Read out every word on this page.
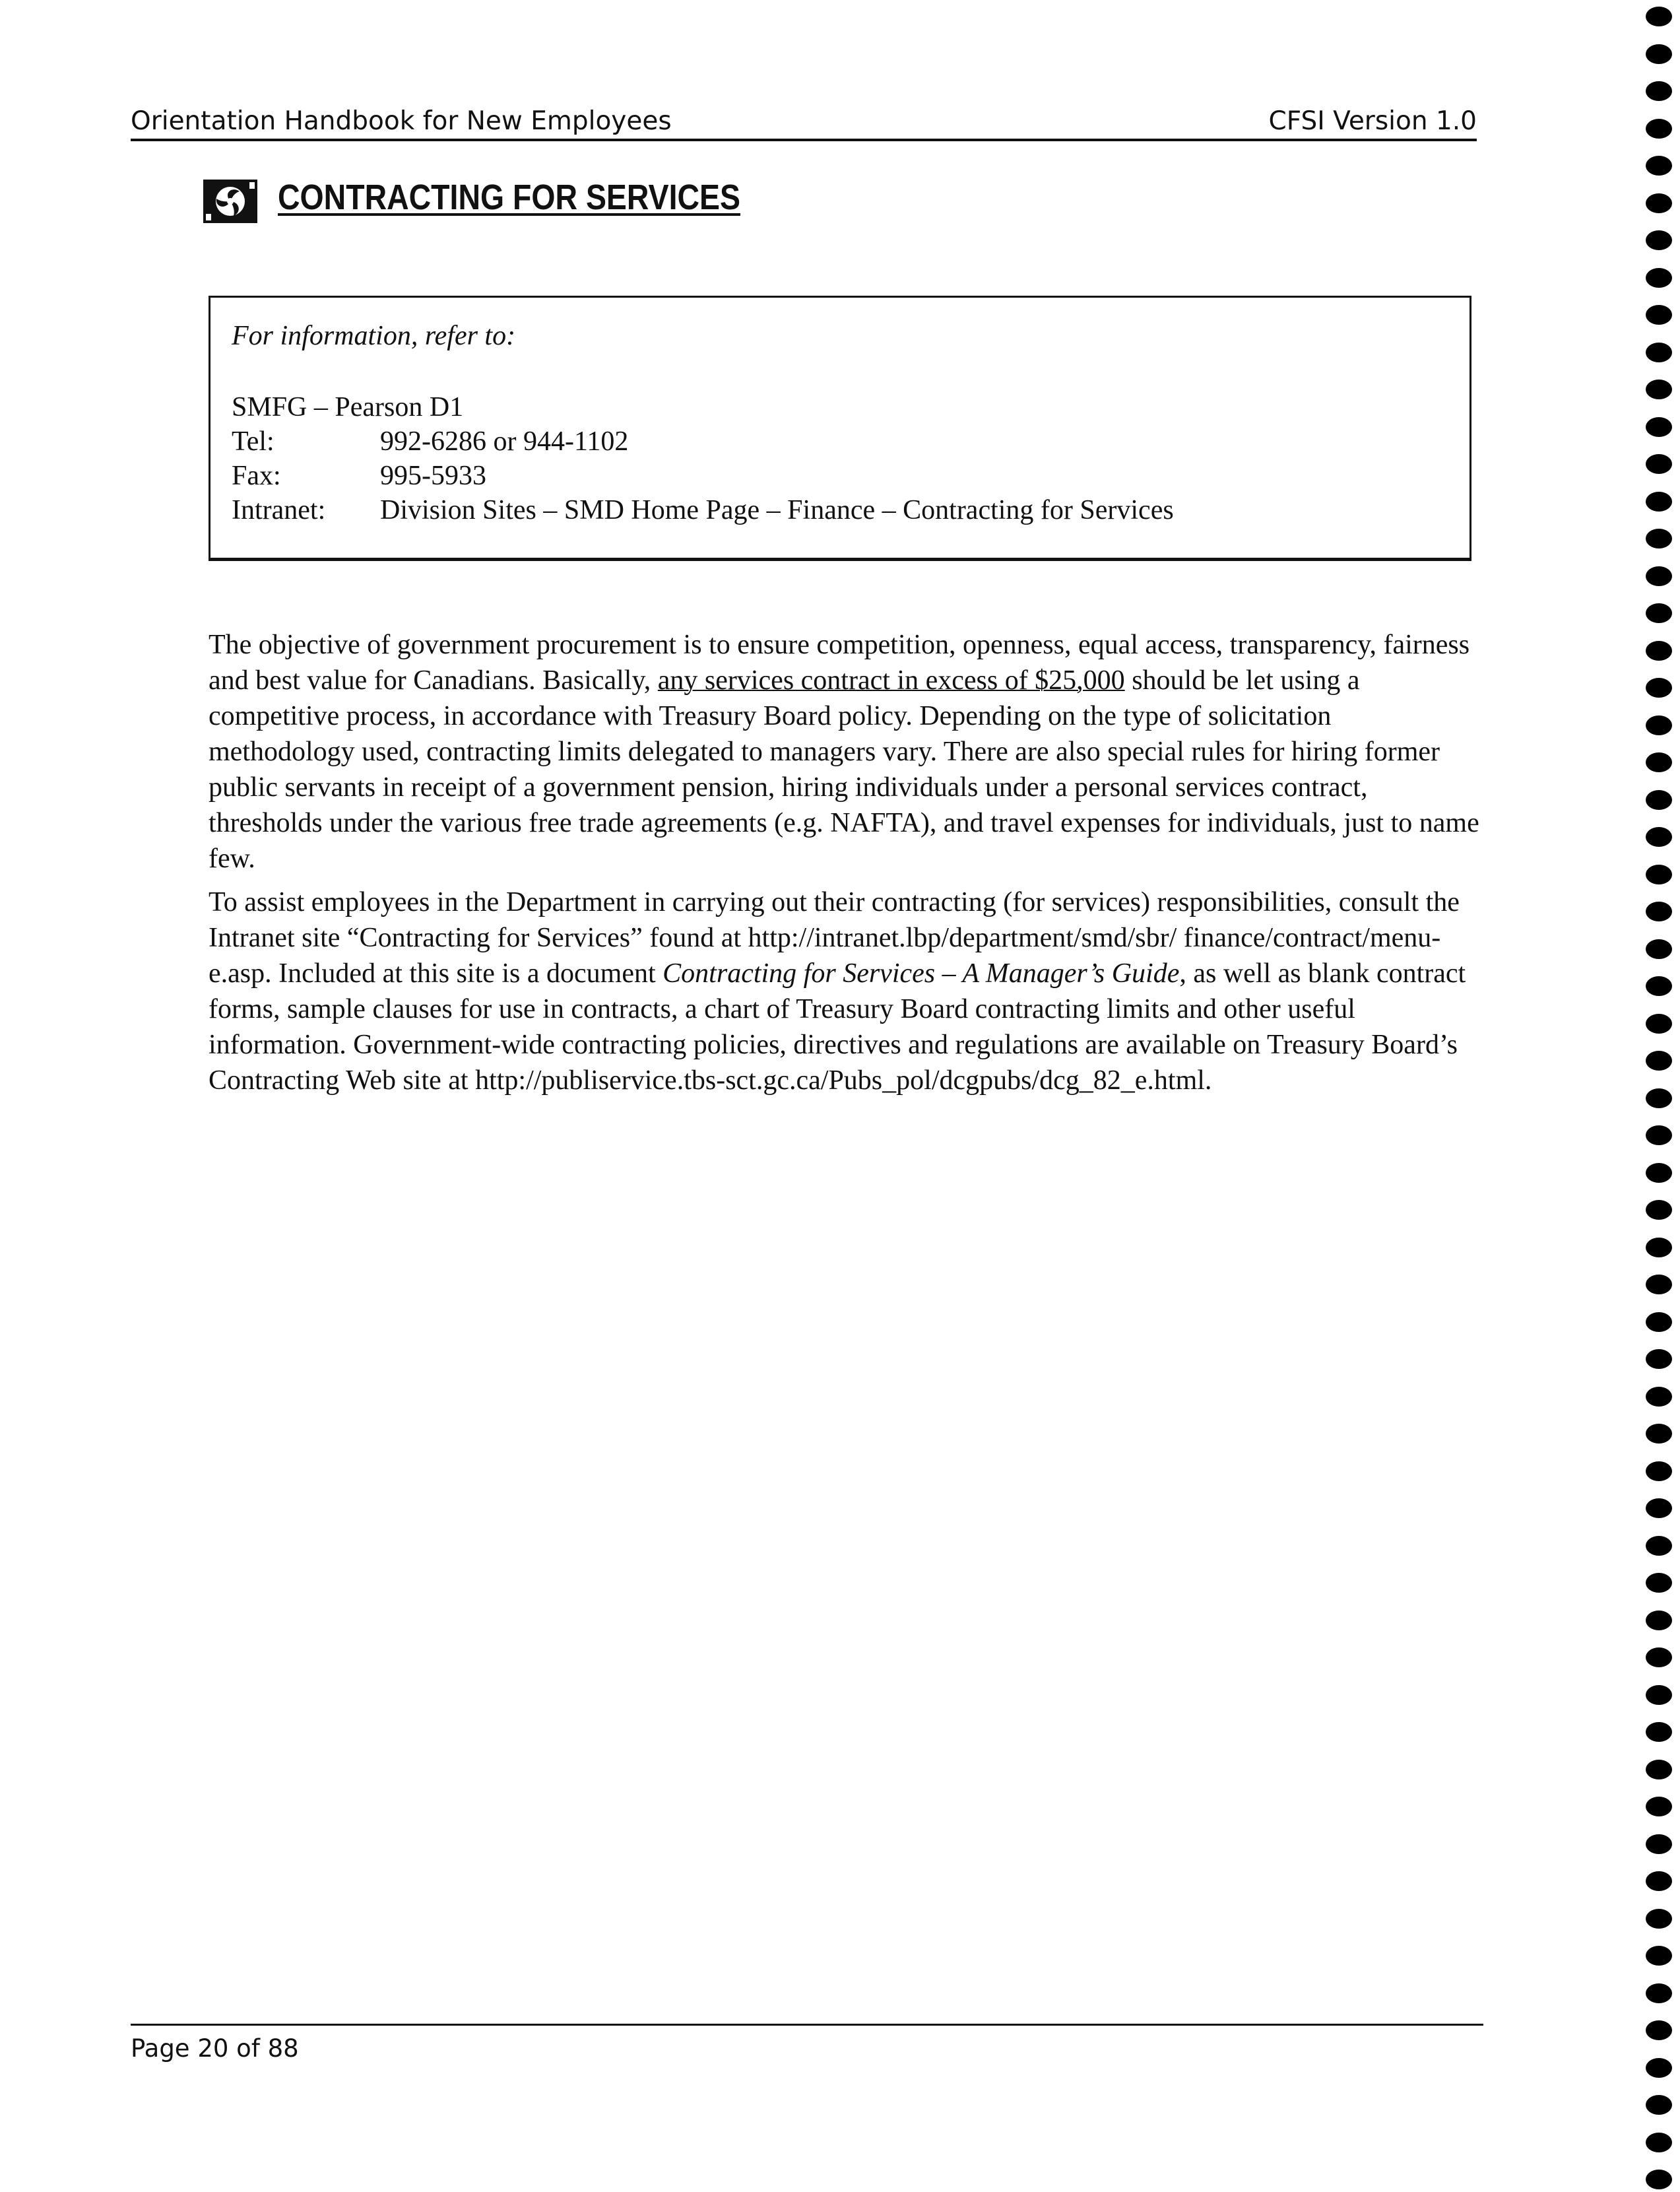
Orientation Handbook for New Employees	CFSI Version 1.0
CONTRACTING FOR SERVICES
For information, refer to:
SMFG – Pearson D1
Tel:	992-6286 or 944-1102
Fax:	995-5933
Intranet: Division Sites – SMD Home Page – Finance – Contracting for Services

The objective of government procurement is to ensure competition, openness, equal access, transparency, fairness and best value for Canadians. Basically, any services contract in excess of $25,000 should be let using a competitive process, in accordance with Treasury Board policy. Depending on the type of solicitation methodology used, contracting limits delegated to managers vary. There are also special rules for hiring former public servants in receipt of a government pension, hiring individuals under a personal services contract, thresholds under the various free trade agreements (e.g. NAFTA), and travel expenses for individuals, just to name few.

To assist employees in the Department in carrying out their contracting (for services) responsibilities, consult the Intranet site “Contracting for Services” found at http://intranet.lbp/department/smd/sbr/ finance/contract/menu-e.asp. Included at this site is a document Contracting for Services – A Manager’s Guide, as well as blank contract forms, sample clauses for use in contracts, a chart of Treasury Board contracting limits and other useful information. Government-wide contracting policies, directives and regulations are available on Treasury Board’s Contracting Web site at http://publiservice.tbs-sct.gc.ca/Pubs_pol/dcgpubs/dcg_82_e.html.

Page 20 of 88
